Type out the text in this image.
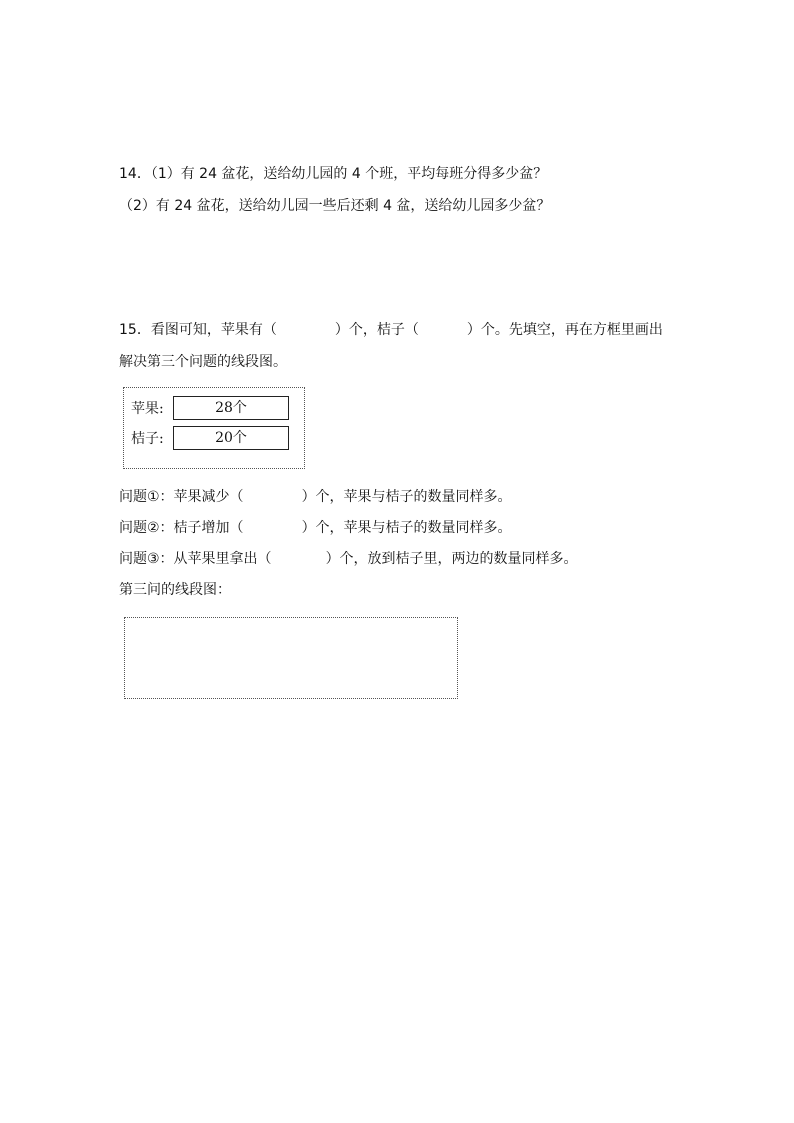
14．（1）有 24 盆花，送给幼儿园的 4 个班，平均每班分得多少盆？
（2）有 24 盆花，送给幼儿园一些后还剩 4 盆，送给幼儿园多少盆？
15．看图可知，苹果有（	）个，桔子（	）个。先填空，再在方框里画出
解决第三个问题的线段图。
苹果:	28个
桔子:	20个
问题①：苹果减少（	）个，苹果与桔子的数量同样多。
问题②：桔子增加（	）个，苹果与桔子的数量同样多。
问题③：从苹果里拿出（	）个，放到桔子里，两边的数量同样多。
第三问的线段图：
